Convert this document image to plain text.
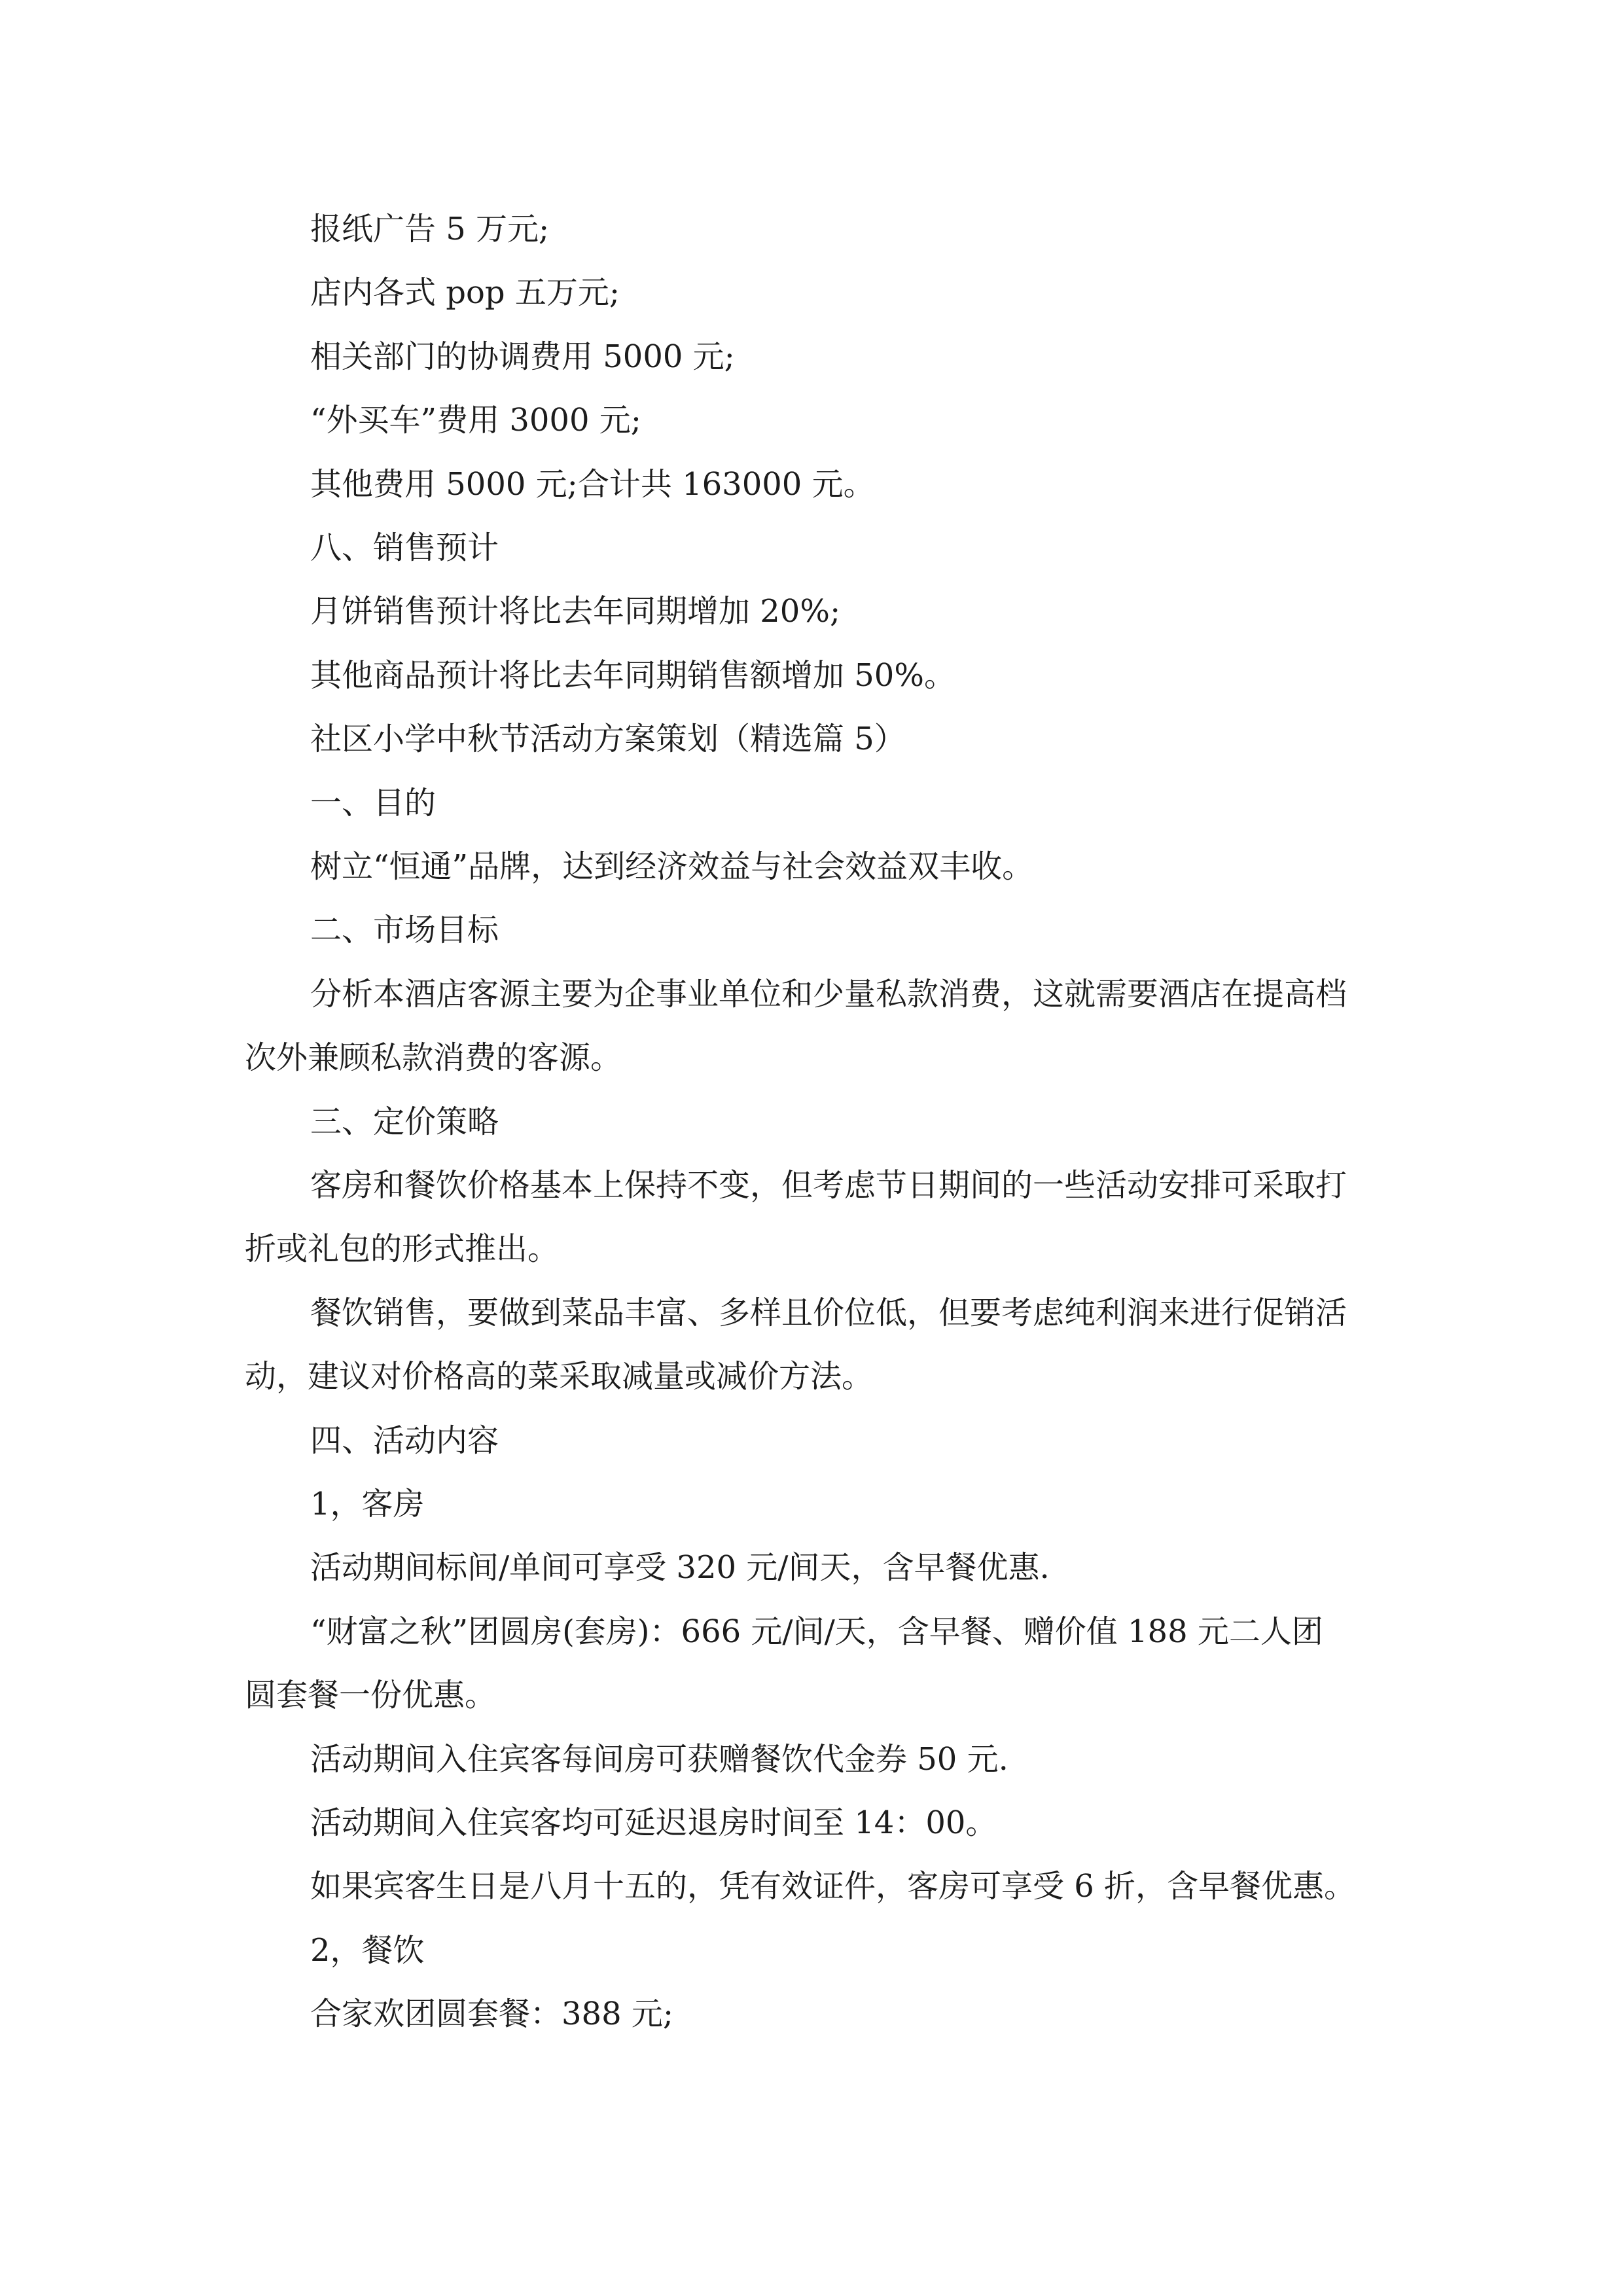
报纸广告 5 万元;

店内各式 pop 五万元;

相关部门的协调费用 5000 元;

“外买车”费用 3000 元;

其他费用 5000 元;合计共 163000 元。

八、销售预计

月饼销售预计将比去年同期增加 20%;

其他商品预计将比去年同期销售额增加 50%。

社区小学中秋节活动方案策划（精选篇 5）

一、目的

树立“恒通”品牌，达到经济效益与社会效益双丰收。

二、市场目标

分析本酒店客源主要为企事业单位和少量私款消费，这就需要酒店在提高档

次外兼顾私款消费的客源。

三、定价策略

客房和餐饮价格基本上保持不变，但考虑节日期间的一些活动安排可采取打

折或礼包的形式推出。

餐饮销售，要做到菜品丰富、多样且价位低，但要考虑纯利润来进行促销活

动，建议对价格高的菜采取减量或减价方法。

四、活动内容

1，客房

活动期间标间/单间可享受 320 元/间天，含早餐优惠.

“财富之秋”团圆房(套房)：666 元/间/天，含早餐、赠价值 188 元二人团

圆套餐一份优惠。

活动期间入住宾客每间房可获赠餐饮代金券 50 元.

活动期间入住宾客均可延迟退房时间至 14：00。

如果宾客生日是八月十五的，凭有效证件，客房可享受 6 折，含早餐优惠。

2，餐饮

合家欢团圆套餐：388 元;
